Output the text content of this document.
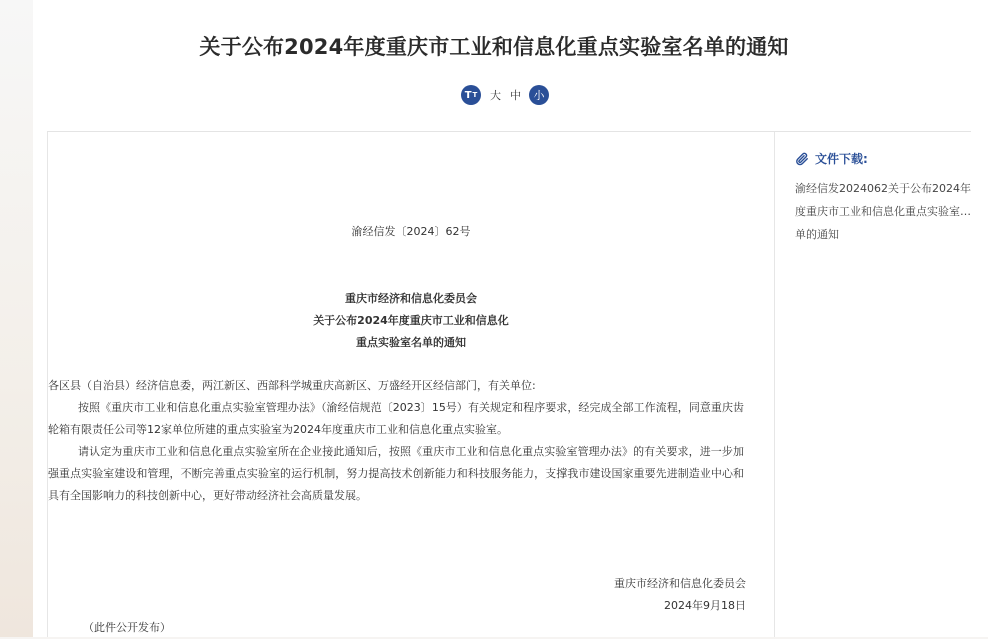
关于公布2024年度重庆市工业和信息化重点实验室名单的通知
T T 大 中	小
渝经信发〔2024〕62号
重庆市经济和信息化委员会
关于公布2024年度重庆市工业和信息化
重点实验室名单的通知

各区县（自治县）经济信息委，两江新区、西部科学城重庆高新区、万盛经开区经信部门，有关单位:

按照《重庆市工业和信息化重点实验室管理办法》（渝经信规范〔2023〕15号）有关规定和程序要求，经完成全部工作流程，同意重庆齿轮箱有限责任公司等12家单位所建的重点实验室为2024年度重庆市工业和信息化重点实验室。

请认定为重庆市工业和信息化重点实验室所在企业接此通知后，按照《重庆市工业和信息化重点实验室管理办法》的有关要求，进一步加强重点实验室建设和管理，不断完善重点实验室的运行机制，努力提高技术创新能力和科技服务能力，支撑我市建设国家重要先进制造业中心和具有全国影响力的科技创新中心，更好带动经济社会高质量发展。

重庆市经济和信息化委员会
2024年9月18日
（此件公开发布）
文件下载:
渝经信发2024062关于公布2024年度重庆市工业和信息化重点实验室名单的通知
